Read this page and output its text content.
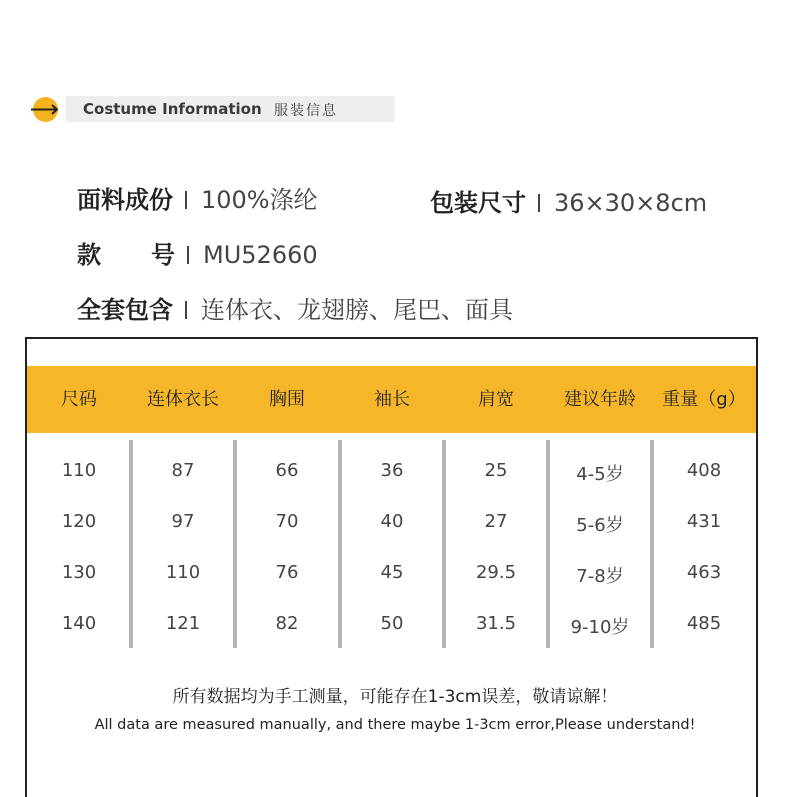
Costume Information 服装信息
面料成份 100%涤纶	包装尺寸 36×30×8cm
款 号 MU52660
全套包含 连体衣、龙翅膀、尾巴、面具
尺码	连体衣长	胸围	袖长	肩宽	建议年龄	重量（g）
110	87	66	36	25	4-5岁	408
120	97	70	40	27	5-6岁	431
130	110	76	45	29.5	7-8岁	463
140	121	82	50	31.5	9-10岁	485
所有数据均为手工测量，可能存在1-3cm误差，敬请谅解！
All data are measured manually, and there maybe 1-3cm error,Please understand!
